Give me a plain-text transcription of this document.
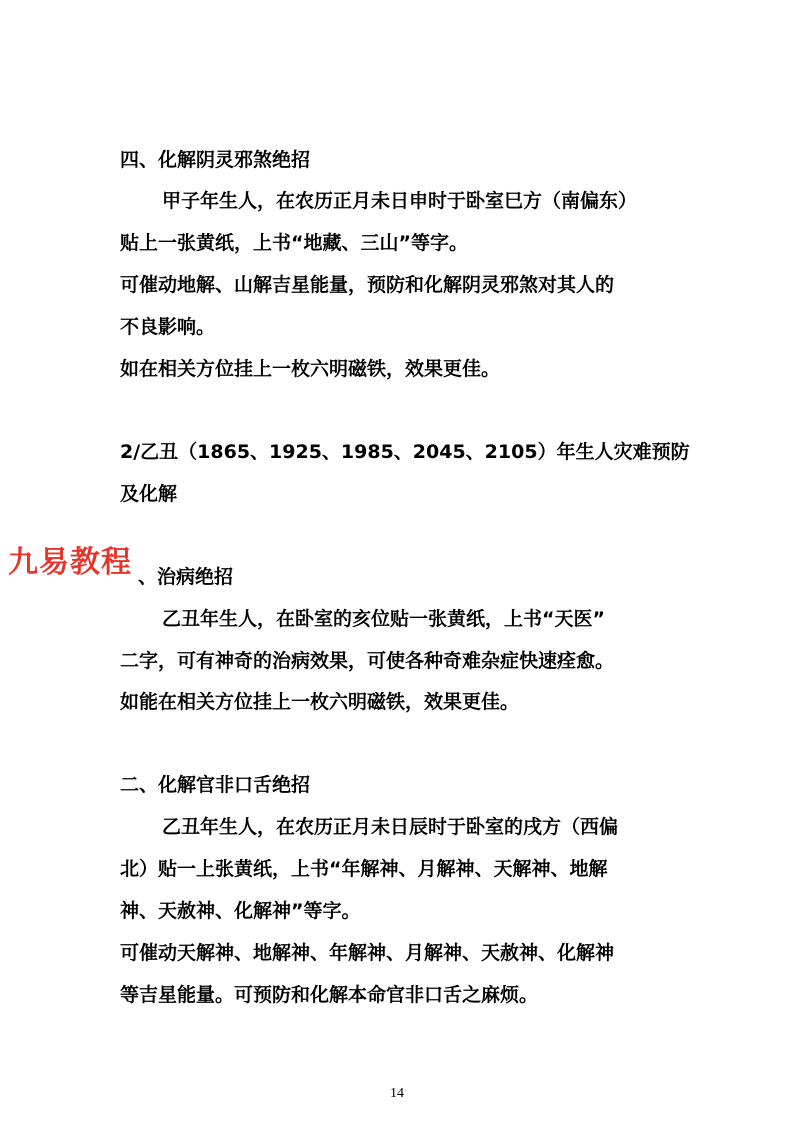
四、化解阴灵邪煞绝招
甲子年生人，在农历正月未日申时于卧室巳方（南偏东）
贴上一张黄纸，上书“地藏、三山”等字。
可催动地解、山解吉星能量，预防和化解阴灵邪煞对其人的
不良影响。
如在相关方位挂上一枚六明磁铁，效果更佳。
2/乙丑（1865、1925、1985、2045、2105）年生人灾难预防
及化解
九易教程 、治病绝招
乙丑年生人，在卧室的亥位贴一张黄纸，上书“天医”
二字，可有神奇的治病效果，可使各种奇难杂症快速痊愈。
如能在相关方位挂上一枚六明磁铁，效果更佳。
二、化解官非口舌绝招
乙丑年生人，在农历正月未日辰时于卧室的戌方（西偏
北）贴一上张黄纸，上书“年解神、月解神、天解神、地解
神、天赦神、化解神”等字。
可催动天解神、地解神、年解神、月解神、天赦神、化解神
等吉星能量。可预防和化解本命官非口舌之麻烦。
14
